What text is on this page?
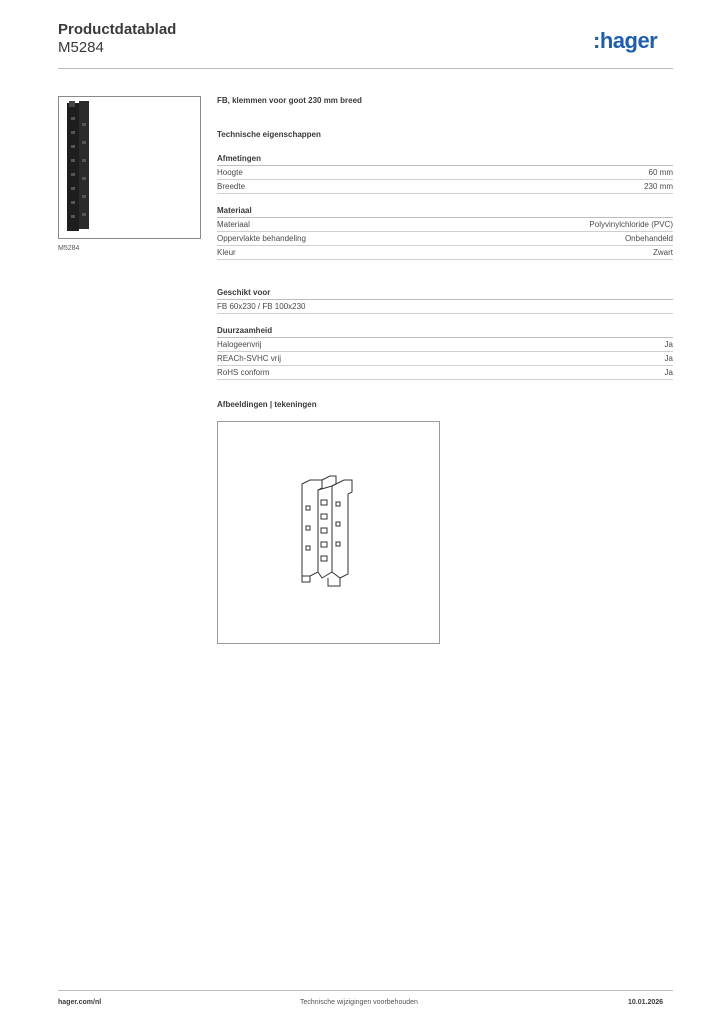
Productdatablad
M5284	:hager
M5284
FB, klemmen voor goot 230 mm breed
Technische eigenschappen
Afmetingen
Hoogte	60 mm
Breedte	230 mm
Materiaal
Materiaal	Polyvinylchloride (PVC)
Oppervlakte behandeling	Onbehandeld
Kleur	Zwart
Geschikt voor
FB 60x230 / FB 100x230
Duurzaamheid
Halogeenvrij	Ja
REACh-SVHC vrij	Ja
RoHS conform	Ja
Afbeeldingen | tekeningen
hager.com/nl	Technische wijzigingen voorbehouden	10.01.2026
